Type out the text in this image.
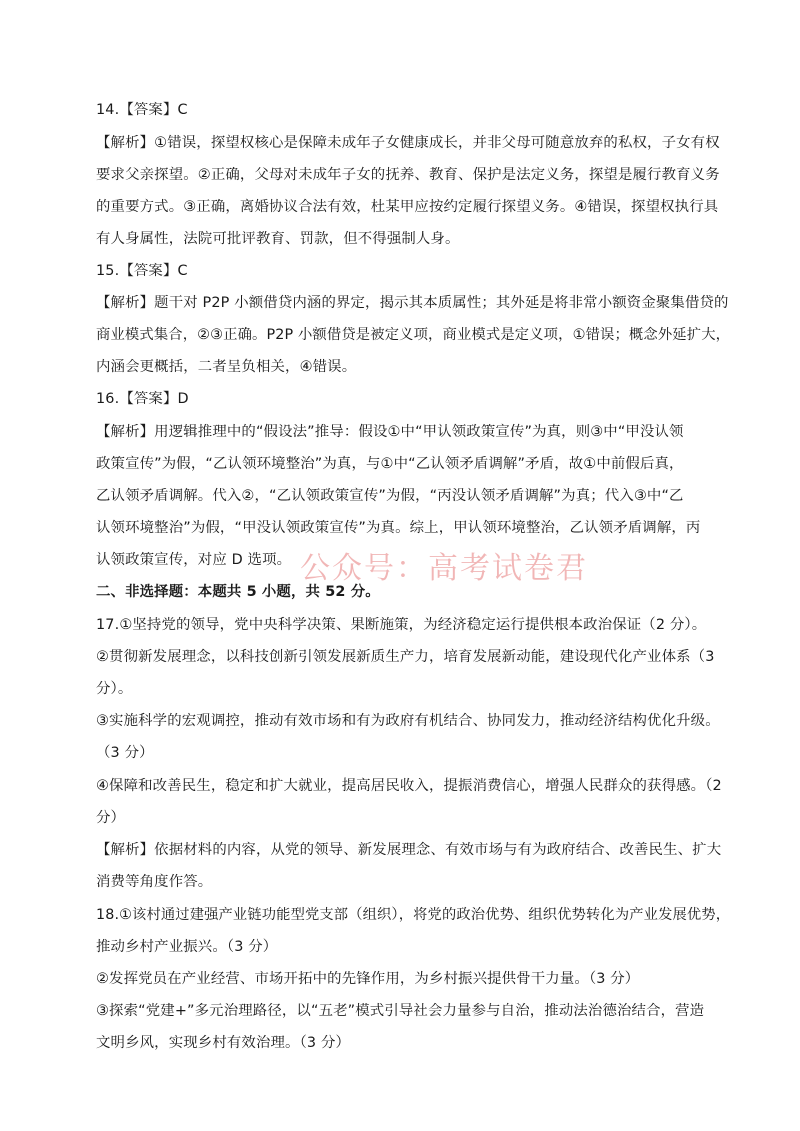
公众号：高考试卷君
14.【答案】C
【解析】①错误，探望权核心是保障未成年子女健康成长，并非父母可随意放弃的私权，子女有权
要求父亲探望。②正确，父母对未成年子女的抚养、教育、保护是法定义务，探望是履行教育义务
的重要方式。③正确，离婚协议合法有效，杜某甲应按约定履行探望义务。④错误，探望权执行具
有人身属性，法院可批评教育、罚款，但不得强制人身。
15.【答案】C
【解析】题干对 P2P 小额借贷内涵的界定，揭示其本质属性；其外延是将非常小额资金聚集借贷的
商业模式集合，②③正确。P2P 小额借贷是被定义项，商业模式是定义项，①错误；概念外延扩大，
内涵会更概括，二者呈负相关，④错误。
16.【答案】D
【解析】用逻辑推理中的“假设法”推导：假设①中“甲认领政策宣传”为真，则③中“甲没认领
政策宣传”为假，“乙认领环境整治”为真，与①中“乙认领矛盾调解”矛盾，故①中前假后真，
乙认领矛盾调解。代入②，“乙认领政策宣传”为假，“丙没认领矛盾调解”为真；代入③中“乙
认领环境整治”为假，“甲没认领政策宣传”为真。综上，甲认领环境整治，乙认领矛盾调解，丙
认领政策宣传，对应 D 选项。
二、非选择题：本题共 5 小题，共 52 分。
17.①坚持党的领导，党中央科学决策、果断施策，为经济稳定运行提供根本政治保证（2 分）。
②贯彻新发展理念，以科技创新引领发展新质生产力，培育发展新动能，建设现代化产业体系（3
分）。
③实施科学的宏观调控，推动有效市场和有为政府有机结合、协同发力，推动经济结构优化升级。
（3 分）
④保障和改善民生，稳定和扩大就业，提高居民收入，提振消费信心，增强人民群众的获得感。（2
分）
【解析】依据材料的内容，从党的领导、新发展理念、有效市场与有为政府结合、改善民生、扩大
消费等角度作答。
18.①该村通过建强产业链功能型党支部（组织），将党的政治优势、组织优势转化为产业发展优势，
推动乡村产业振兴。（3 分）
②发挥党员在产业经营、市场开拓中的先锋作用，为乡村振兴提供骨干力量。（3 分）
③探索“党建+”多元治理路径，以“五老”模式引导社会力量参与自治，推动法治德治结合，营造
文明乡风，实现乡村有效治理。（3 分）
